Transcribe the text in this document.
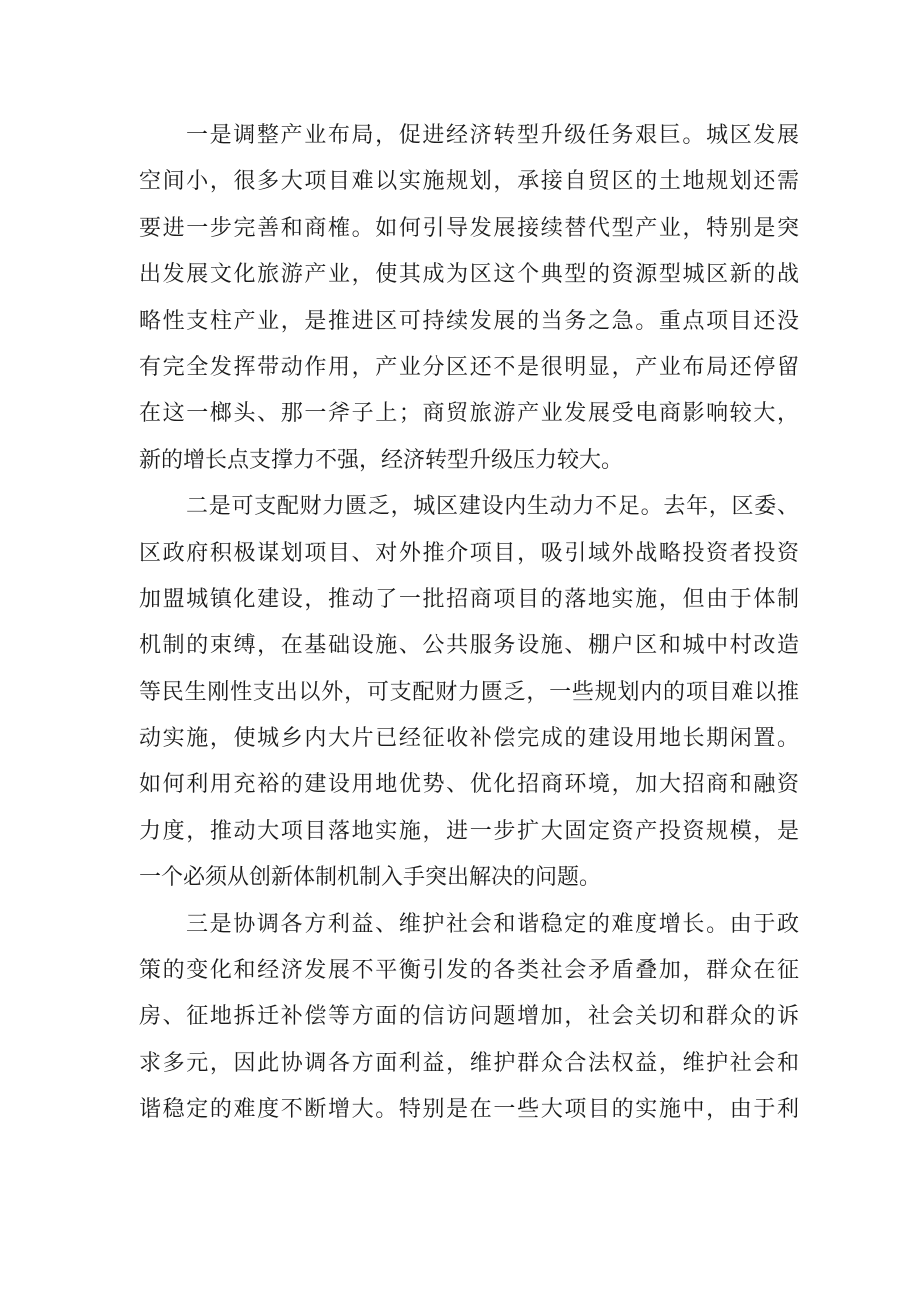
一是调整产业布局，促进经济转型升级任务艰巨。城区发展
空间小，很多大项目难以实施规划，承接自贸区的土地规划还需
要进一步完善和商榷。如何引导发展接续替代型产业，特别是突
出发展文化旅游产业，使其成为区这个典型的资源型城区新的战
略性支柱产业，是推进区可持续发展的当务之急。重点项目还没
有完全发挥带动作用，产业分区还不是很明显，产业布局还停留
在这一榔头、那一斧子上；商贸旅游产业发展受电商影响较大，
新的增长点支撑力不强，经济转型升级压力较大。
二是可支配财力匮乏，城区建设内生动力不足。去年，区委、
区政府积极谋划项目、对外推介项目，吸引域外战略投资者投资
加盟城镇化建设，推动了一批招商项目的落地实施，但由于体制
机制的束缚，在基础设施、公共服务设施、棚户区和城中村改造
等民生刚性支出以外，可支配财力匮乏，一些规划内的项目难以推
动实施，使城乡内大片已经征收补偿完成的建设用地长期闲置。
如何利用充裕的建设用地优势、优化招商环境，加大招商和融资
力度，推动大项目落地实施，进一步扩大固定资产投资规模，是
一个必须从创新体制机制入手突出解决的问题。
三是协调各方利益、维护社会和谐稳定的难度增长。由于政
策的变化和经济发展不平衡引发的各类社会矛盾叠加，群众在征
房、征地拆迁补偿等方面的信访问题增加，社会关切和群众的诉
求多元，因此协调各方面利益，维护群众合法权益，维护社会和
谐稳定的难度不断增大。特别是在一些大项目的实施中，由于利
